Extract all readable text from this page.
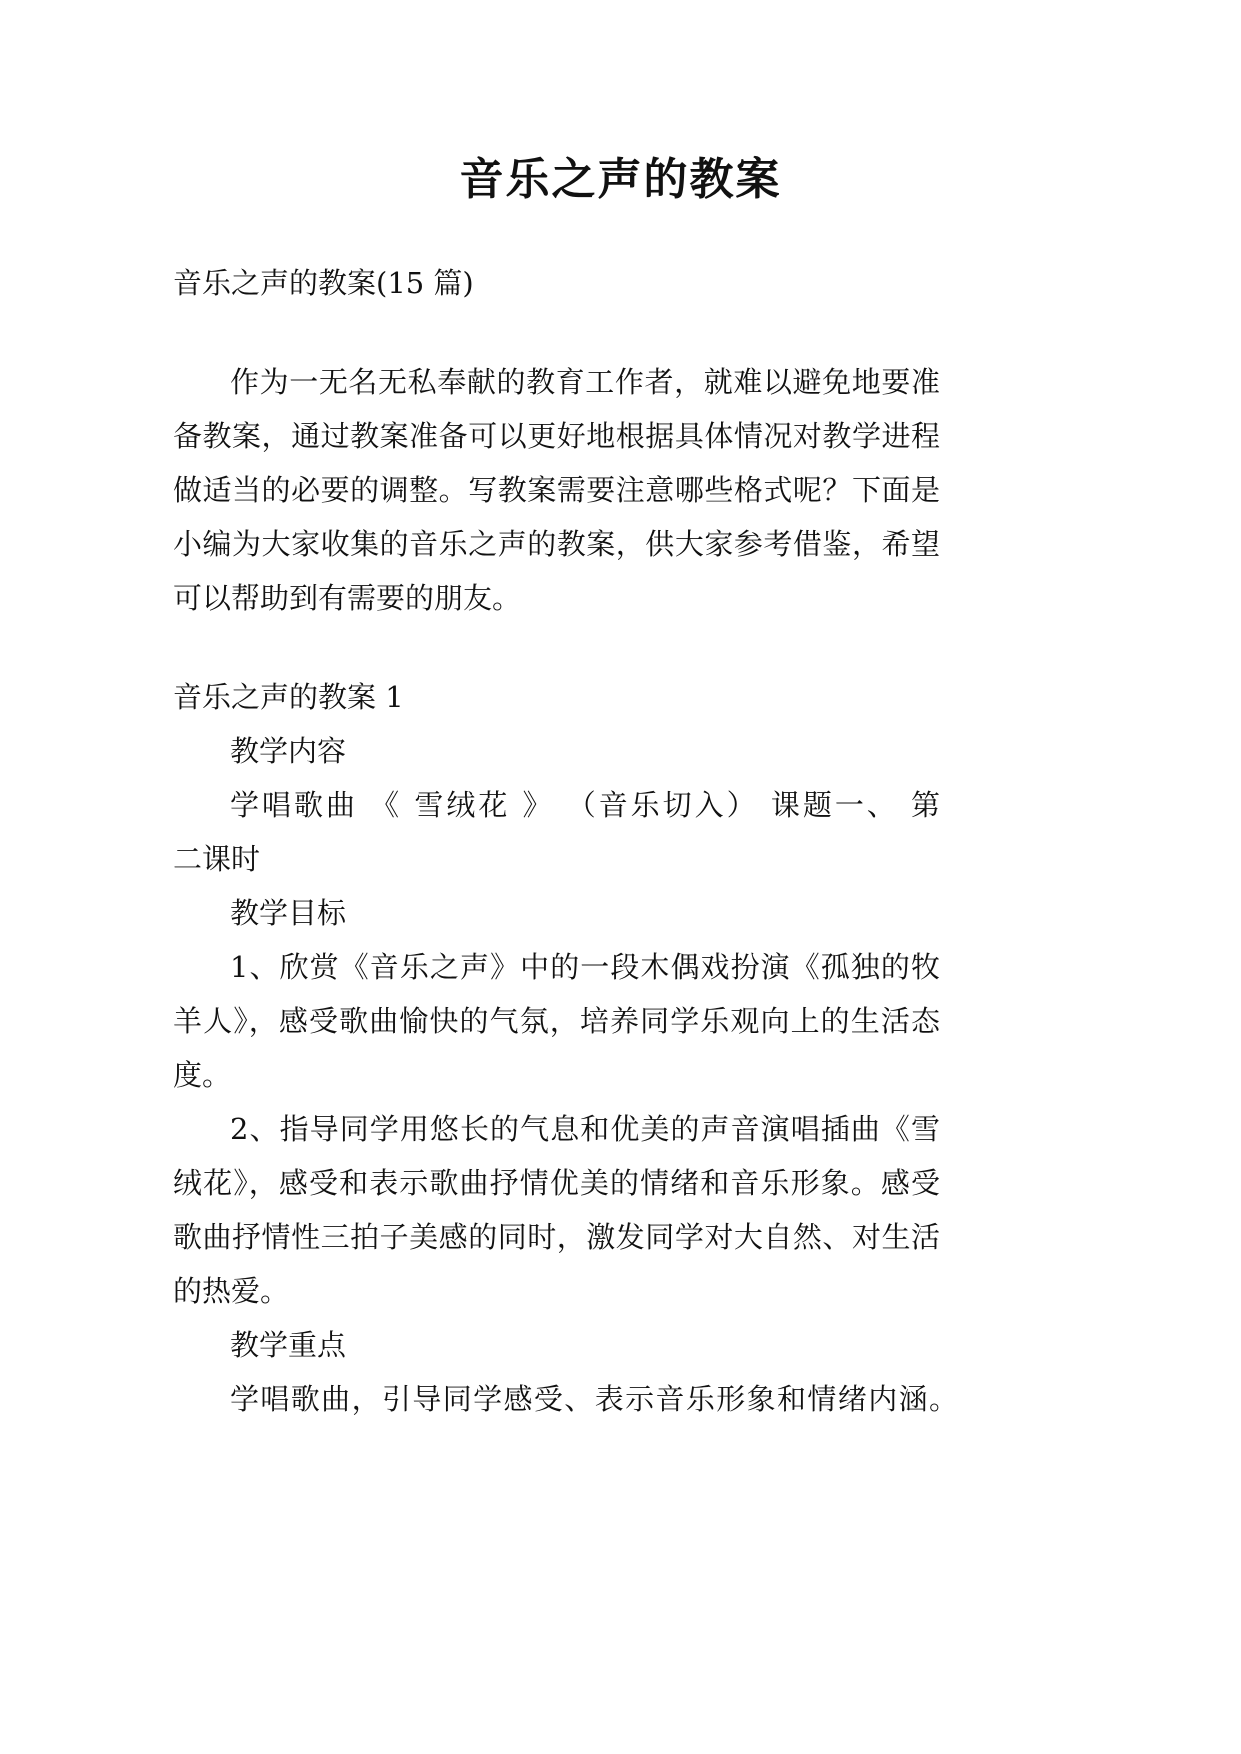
音乐之声的教案

音乐之声的教案(15 篇)

作为一无名无私奉献的教育工作者，就难以避免地要准

备教案，通过教案准备可以更好地根据具体情况对教学进程

做适当的必要的调整。写教案需要注意哪些格式呢？下面是

小编为大家收集的音乐之声的教案，供大家参考借鉴，希望

可以帮助到有需要的朋友。

音乐之声的教案 1

教学内容

学唱歌曲 《 雪绒花 》 （音乐切入） 课题一、 第

二课时

教学目标

1、欣赏《音乐之声》中的一段木偶戏扮演《孤独的牧

羊人》，感受歌曲愉快的气氛，培养同学乐观向上的生活态

度。

2、指导同学用悠长的气息和优美的声音演唱插曲《雪

绒花》，感受和表示歌曲抒情优美的情绪和音乐形象。感受

歌曲抒情性三拍子美感的同时，激发同学对大自然、对生活

的热爱。

教学重点

学唱歌曲，引导同学感受、表示音乐形象和情绪内涵。
